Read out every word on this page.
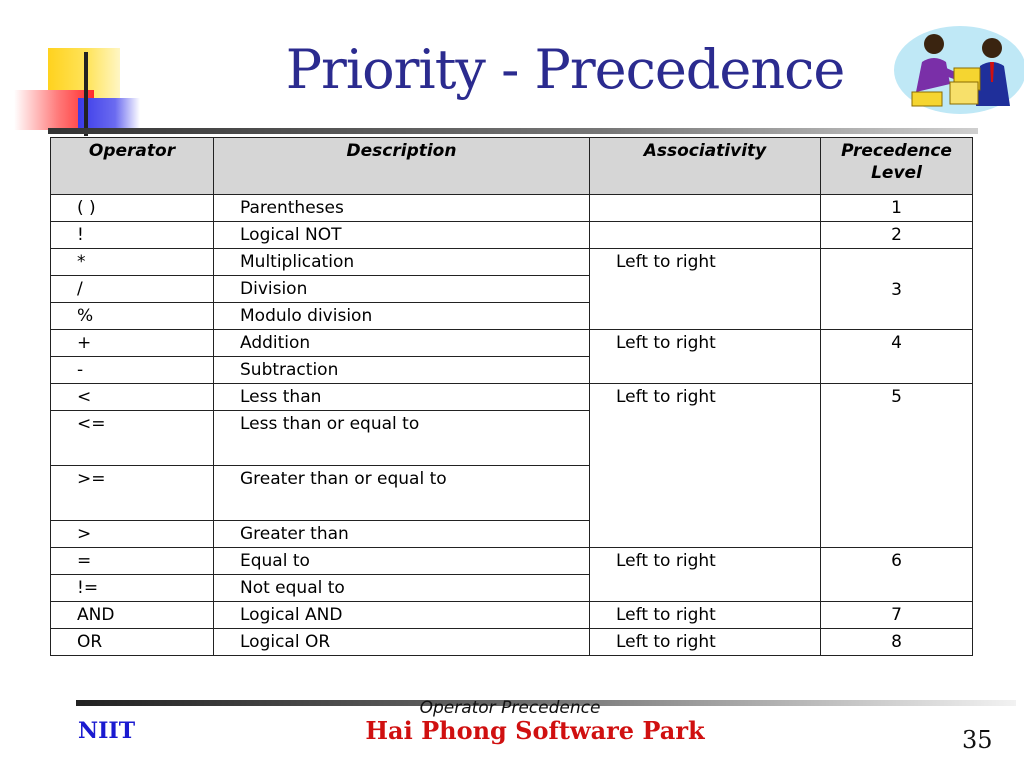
Priority - Precedence
Operator	Description	Associativity	Precedence
Level
( )	Parentheses		1
!	Logical NOT		2
*	Multiplication	Left to right	3
/	Division		
%	Modulo division		
+	Addition	Left to right	4
-	Subtraction		
<	Less than	Left to right	5
<=	Less than or equal to		
>=	Greater than or equal to		
>	Greater than		
=	Equal to	Left to right	6
!=	Not equal to		
AND	Logical AND	Left to right	7
OR	Logical OR	Left to right	8
Operator Precedence
NIIT	Hai Phong Software Park	35
